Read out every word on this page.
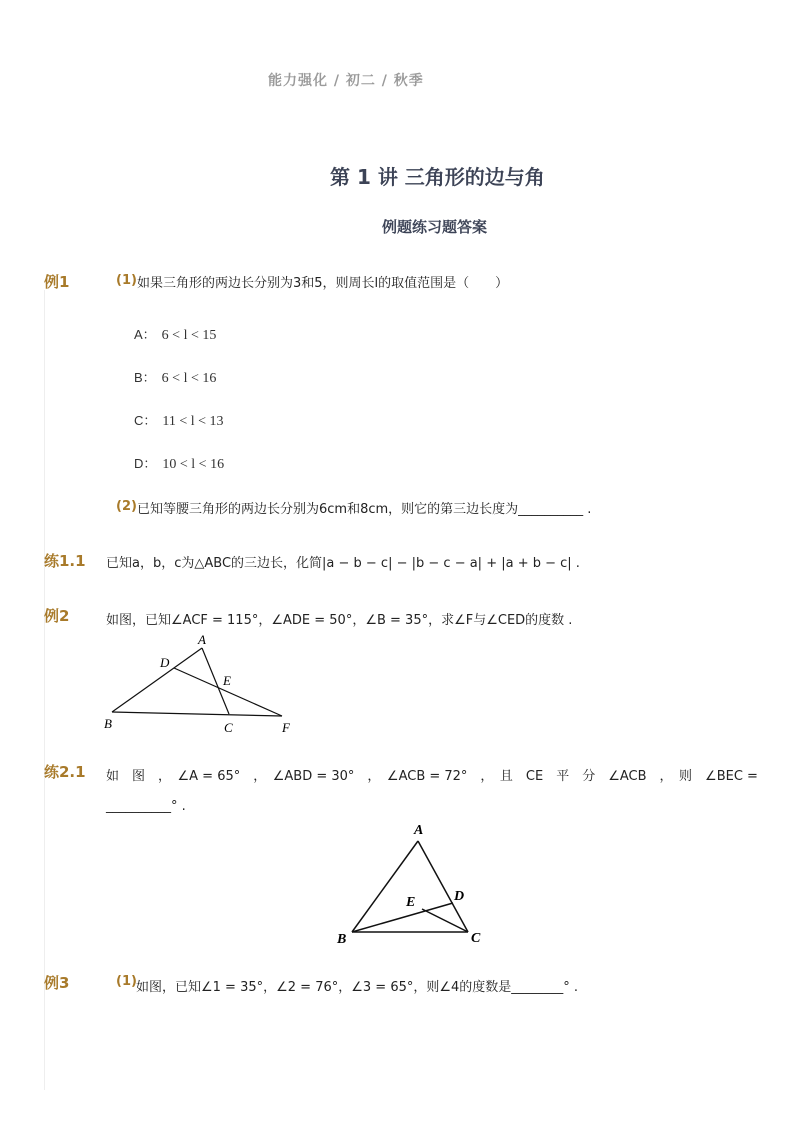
能力强化 / 初二 / 秋季
第 1 讲 三角形的边与角
例题练习题答案
例1	(1) 如果三角形的两边长分别为3和5，则周长l的取值范围是（　　）
A： 6 < l < 15
B： 6 < l < 16
C： 11 < l < 13
D： 10 < l < 16
(2) 已知等腰三角形的两边长分别为6cm和8cm，则它的第三边长度为__________ .
练1.1 已知a，b，c为△ABC的三边长，化简|a − b − c| − |b − c − a| + |a + b − c| .
例2	如图，已知∠ACF = 115°，∠ADE = 50°，∠B = 35°，求∠F与∠CED的度数 .
A
D
E
B	C	F
练2.1 如　图　，　∠A = 65°　，　∠ABD = 30°　，　∠ACB = 72°　，　且　CE　平　分　∠ACB　，　则　∠BEC =
__________° .
A
D
E
B	C
例3	(1) 如图，已知∠1 = 35°，∠2 = 76°，∠3 = 65°，则∠4的度数是________° .
